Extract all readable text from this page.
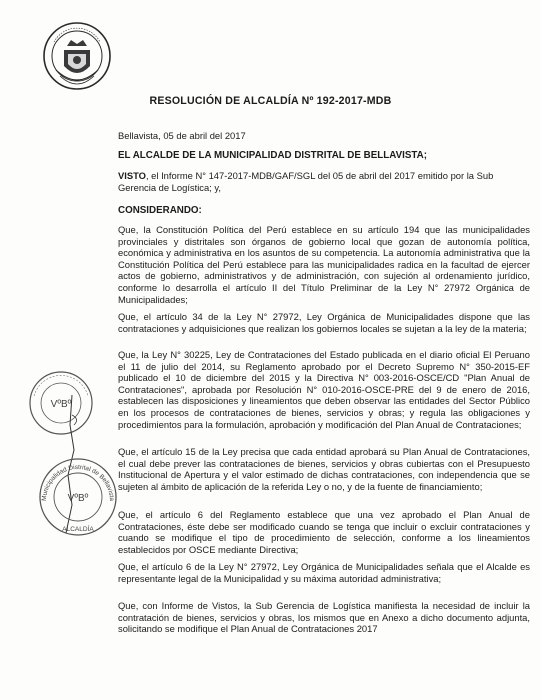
RESOLUCIÓN DE ALCALDÍA Nº 192-2017-MDB
Bellavista, 05 de abril del 2017
EL ALCALDE DE LA MUNICIPALIDAD DISTRITAL DE BELLAVISTA;
VISTO, el Informe N° 147-2017-MDB/GAF/SGL del 05 de abril del 2017 emitido por la Sub Gerencia de Logística; y,
CONSIDERANDO:
Que, la Constitución Política del Perú establece en su artículo 194 que las municipalidades provinciales y distritales son órganos de gobierno local que gozan de autonomía política, económica y administrativa en los asuntos de su competencia. La autonomía administrativa que la Constitución Política del Perú establece para las municipalidades radica en la facultad de ejercer actos de gobierno, administrativos y de administración, con sujeción al ordenamiento jurídico, conforme lo desarrolla el artículo II del Título Preliminar de la Ley N° 27972 Orgánica de Municipalidades;
Que, el artículo 34 de la Ley N° 27972, Ley Orgánica de Municipalidades dispone que las contrataciones y adquisiciones que realizan los gobiernos locales se sujetan a la ley de la materia;
Que, la Ley N° 30225, Ley de Contrataciones del Estado publicada en el diario oficial El Peruano el 11 de julio del 2014, su Reglamento aprobado por el Decreto Supremo N° 350-2015-EF publicado el 10 de diciembre del 2015 y la Directiva N° 003-2016-OSCE/CD "Plan Anual de Contrataciones", aprobada por Resolución N° 010-2016-OSCE-PRE del 9 de enero de 2016, establecen las disposiciones y lineamientos que deben observar las entidades del Sector Público en los procesos de contrataciones de bienes, servicios y obras; y regula las obligaciones y procedimientos para la formulación, aprobación y modificación del Plan Anual de Contrataciones;
Que, el artículo 15 de la Ley precisa que cada entidad aprobará su Plan Anual de Contrataciones, el cual debe prever las contrataciones de bienes, servicios y obras cubiertas con el Presupuesto Institucional de Apertura y el valor estimado de dichas contrataciones, con independencia que se sujeten al ámbito de aplicación de la referida Ley o no, y de la fuente de financiamiento;
Que, el artículo 6 del Reglamento establece que una vez aprobado el Plan Anual de Contrataciones, éste debe ser modificado cuando se tenga que incluir o excluir contrataciones y cuando se modifique el tipo de procedimiento de selección, conforme a los lineamientos establecidos por OSCE mediante Directiva;
Que, el artículo 6 de la Ley N° 27972, Ley Orgánica de Municipalidades señala que el Alcalde es representante legal de la Municipalidad y su máxima autoridad administrativa;
Que, con Informe de Vistos, la Sub Gerencia de Logística manifiesta la necesidad de incluir la contratación de bienes, servicios y obras, los mismos que en Anexo a dicho documento adjunta, solicitando se modifique el Plan Anual de Contrataciones 2017
VºBº
Municipalidad Distrital de Bellavista
VºBº
ALCALDÍA
